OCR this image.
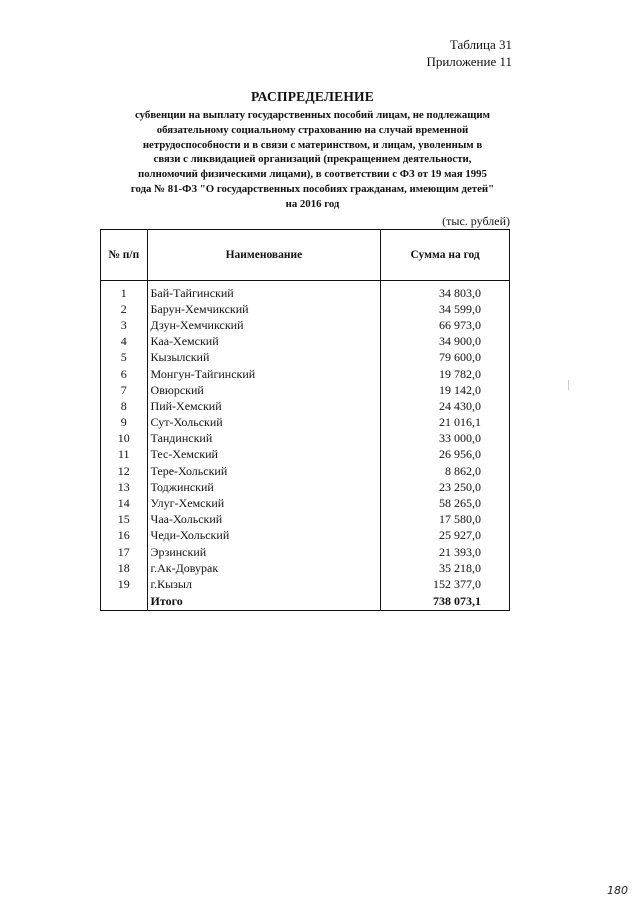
Таблица 31
Приложение 11
РАСПРЕДЕЛЕНИЕ
субвенции на выплату государственных пособий лицам, не подлежащим
обязательному социальному страхованию на случай временной
нетрудоспособности и в связи с материнством, и лицам, уволенным в
связи с ликвидацией организаций (прекращением деятельности,
полномочий физическими лицами), в соответствии с ФЗ от 19 мая 1995
года № 81-ФЗ "О государственных пособиях гражданам, имеющим детей"
на 2016 год
(тыс. рублей)
№ п/п	Наименование	Сумма на год
1	Бай-Тайгинский	34 803,0
2	Барун-Хемчикский	34 599,0
3	Дзун-Хемчикский	66 973,0
4	Каа-Хемский	34 900,0
5	Кызылский	79 600,0
6	Монгун-Тайгинский	19 782,0
7	Овюрский	19 142,0
8	Пий-Хемский	24 430,0
9	Сут-Хольский	21 016,1
10	Тандинский	33 000,0
11	Тес-Хемский	26 956,0
12	Тере-Хольский	8 862,0
13	Тоджинский	23 250,0
14	Улуг-Хемский	58 265,0
15	Чаа-Хольский	17 580,0
16	Чеди-Хольский	25 927,0
17	Эрзинский	21 393,0
18	г.Ак-Довурак	35 218,0
19	г.Кызыл	152 377,0
	Итого	738 073,1
180
